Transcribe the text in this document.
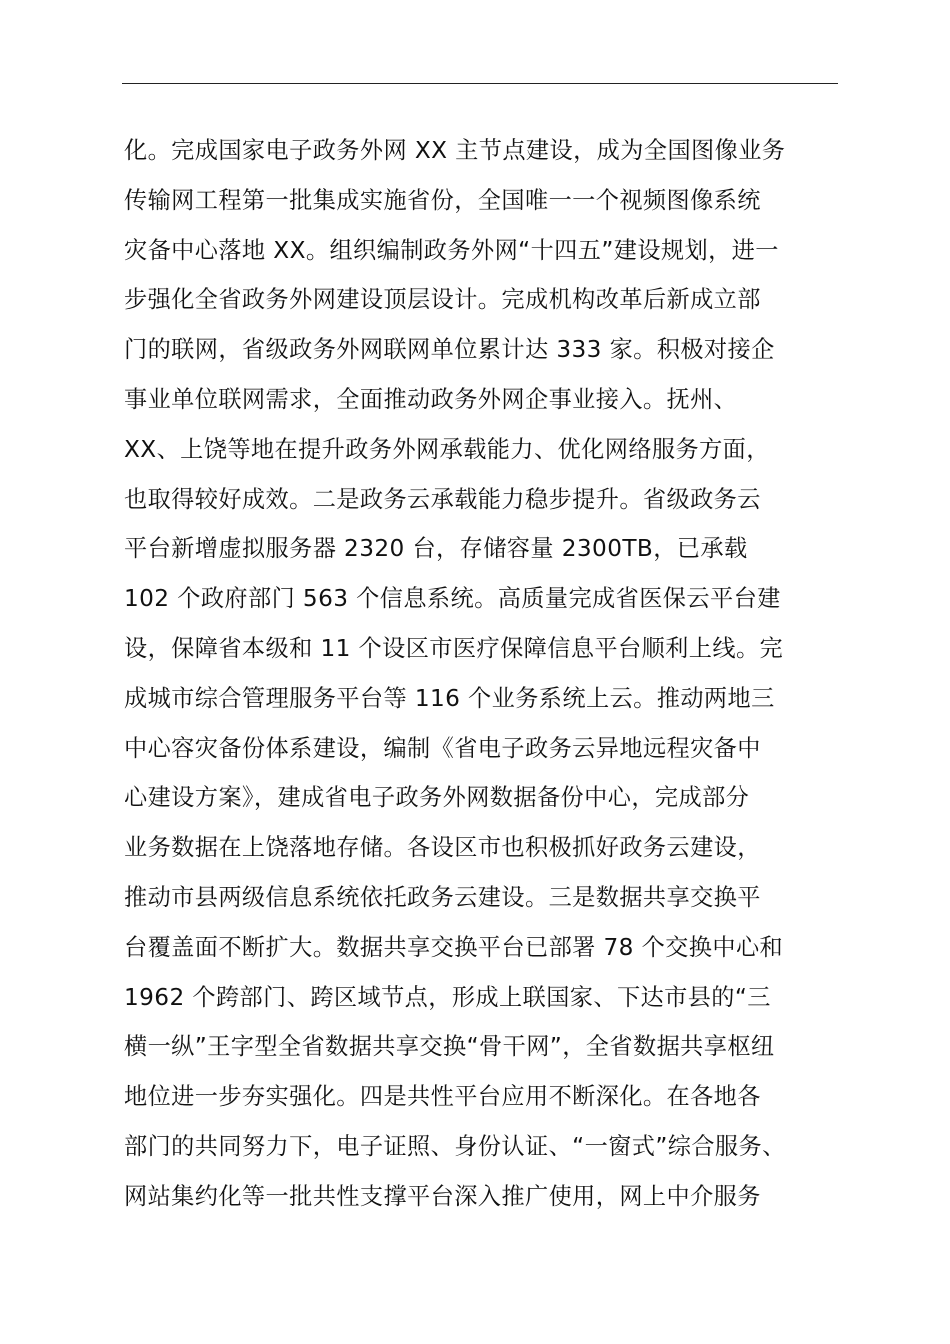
化。完成国家电子政务外网 XX 主节点建设，成为全国图像业务
传输网工程第一批集成实施省份，全国唯一一个视频图像系统
灾备中心落地 XX。组织编制政务外网“十四五”建设规划，进一
步强化全省政务外网建设顶层设计。完成机构改革后新成立部
门的联网，省级政务外网联网单位累计达 333 家。积极对接企
事业单位联网需求，全面推动政务外网企事业接入。抚州、
XX、上饶等地在提升政务外网承载能力、优化网络服务方面，
也取得较好成效。二是政务云承载能力稳步提升。省级政务云
平台新增虚拟服务器 2320 台，存储容量 2300TB，已承载
102 个政府部门 563 个信息系统。高质量完成省医保云平台建
设，保障省本级和 11 个设区市医疗保障信息平台顺利上线。完
成城市综合管理服务平台等 116 个业务系统上云。推动两地三
中心容灾备份体系建设，编制《省电子政务云异地远程灾备中
心建设方案》，建成省电子政务外网数据备份中心，完成部分
业务数据在上饶落地存储。各设区市也积极抓好政务云建设，
推动市县两级信息系统依托政务云建设。三是数据共享交换平
台覆盖面不断扩大。数据共享交换平台已部署 78 个交换中心和
1962 个跨部门、跨区域节点，形成上联国家、下达市县的“三
横一纵”王字型全省数据共享交换“骨干网”，全省数据共享枢纽
地位进一步夯实强化。四是共性平台应用不断深化。在各地各
部门的共同努力下，电子证照、身份认证、“一窗式”综合服务、
网站集约化等一批共性支撑平台深入推广使用，网上中介服务
